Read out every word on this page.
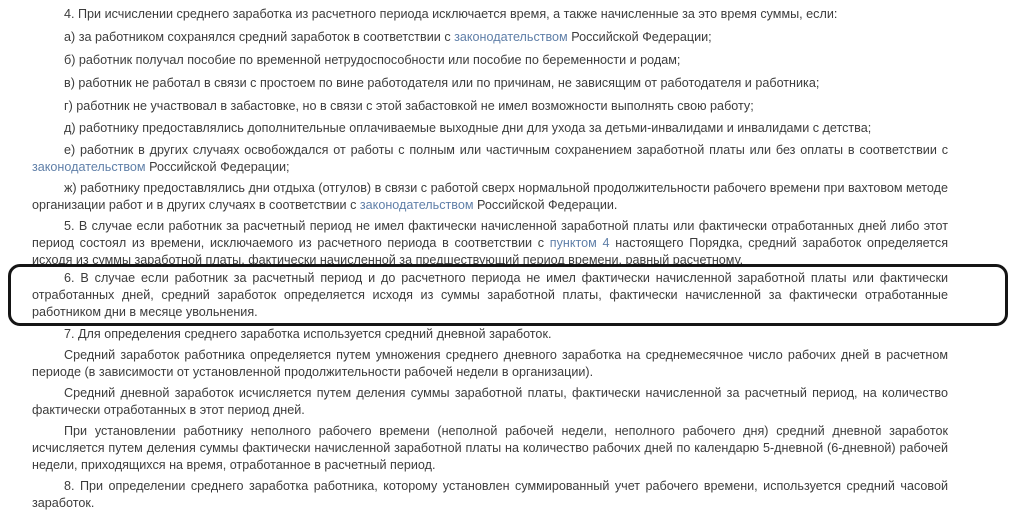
4. При исчислении среднего заработка из расчетного периода исключается время, а также начисленные за это время суммы, если:

а) за работником сохранялся средний заработок в соответствии с законодательством Российской Федерации;

б) работник получал пособие по временной нетрудоспособности или пособие по беременности и родам;

в) работник не работал в связи с простоем по вине работодателя или по причинам, не зависящим от работодателя и работника;

г) работник не участвовал в забастовке, но в связи с этой забастовкой не имел возможности выполнять свою работу;

д) работнику предоставлялись дополнительные оплачиваемые выходные дни для ухода за детьми-инвалидами и инвалидами с детства;

е) работник в других случаях освобождался от работы с полным или частичным сохранением заработной платы или без оплаты в соответствии с законодательством Российской Федерации;

ж) работнику предоставлялись дни отдыха (отгулов) в связи с работой сверх нормальной продолжительности рабочего времени при вахтовом методе организации работ и в других случаях в соответствии с законодательством Российской Федерации.

5. В случае если работник за расчетный период не имел фактически начисленной заработной платы или фактически отработанных дней либо этот период состоял из времени, исключаемого из расчетного периода в соответствии с пунктом 4 настоящего Порядка, средний заработок определяется исходя из суммы заработной платы, фактически начисленной за предшествующий период времени, равный расчетному.

6. В случае если работник за расчетный период и до расчетного периода не имел фактически начисленной заработной платы или фактически отработанных дней, средний заработок определяется исходя из суммы заработной платы, фактически начисленной за фактически отработанные работником дни в месяце увольнения.

7. Для определения среднего заработка используется средний дневной заработок.

Средний заработок работника определяется путем умножения среднего дневного заработка на среднемесячное число рабочих дней в расчетном периоде (в зависимости от установленной продолжительности рабочей недели в организации).

Средний дневной заработок исчисляется путем деления суммы заработной платы, фактически начисленной за расчетный период, на количество фактически отработанных в этот период дней.

При установлении работнику неполного рабочего времени (неполной рабочей недели, неполного рабочего дня) средний дневной заработок исчисляется путем деления суммы фактически начисленной заработной платы на количество рабочих дней по календарю 5-дневной (6-дневной) рабочей недели, приходящихся на время, отработанное в расчетный период.

8. При определении среднего заработка работника, которому установлен суммированный учет рабочего времени, используется средний часовой заработок.
